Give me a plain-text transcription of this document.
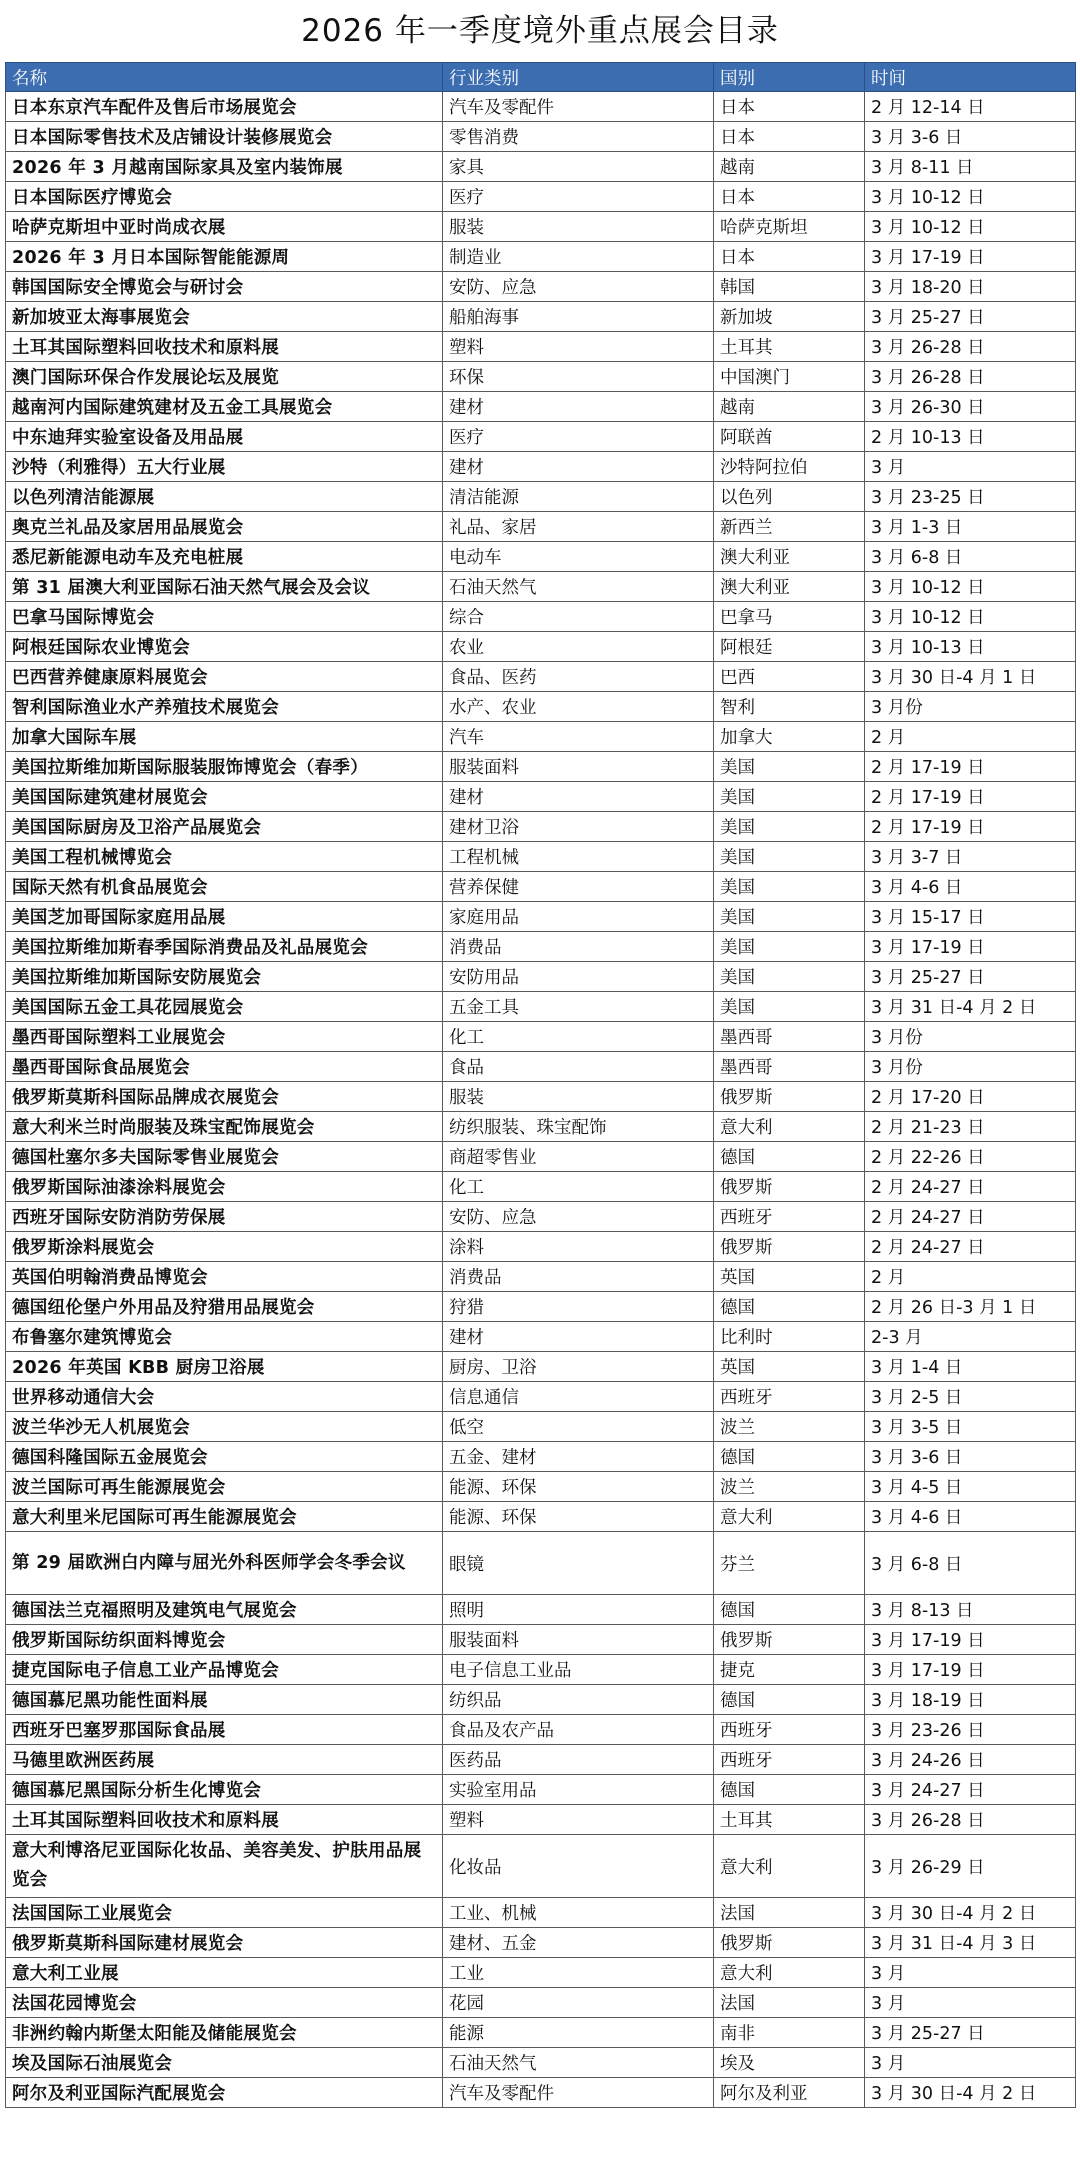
2026 年一季度境外重点展会目录
名称	行业类别	国别	时间
日本东京汽车配件及售后市场展览会	汽车及零配件	日本	2 月 12-14 日
日本国际零售技术及店铺设计装修展览会	零售消费	日本	3 月 3-6 日
2026 年 3 月越南国际家具及室内装饰展	家具	越南	3 月 8-11 日
日本国际医疗博览会	医疗	日本	3 月 10-12 日
哈萨克斯坦中亚时尚成衣展	服装	哈萨克斯坦	3 月 10-12 日
2026 年 3 月日本国际智能能源周	制造业	日本	3 月 17-19 日
韩国国际安全博览会与研讨会	安防、应急	韩国	3 月 18-20 日
新加坡亚太海事展览会	船舶海事	新加坡	3 月 25-27 日
土耳其国际塑料回收技术和原料展	塑料	土耳其	3 月 26-28 日
澳门国际环保合作发展论坛及展览	环保	中国澳门	3 月 26-28 日
越南河内国际建筑建材及五金工具展览会	建材	越南	3 月 26-30 日
中东迪拜实验室设备及用品展	医疗	阿联酋	2 月 10-13 日
沙特（利雅得）五大行业展	建材	沙特阿拉伯	3 月
以色列清洁能源展	清洁能源	以色列	3 月 23-25 日
奥克兰礼品及家居用品展览会	礼品、家居	新西兰	3 月 1-3 日
悉尼新能源电动车及充电桩展	电动车	澳大利亚	3 月 6-8 日
第 31 届澳大利亚国际石油天然气展会及会议	石油天然气	澳大利亚	3 月 10-12 日
巴拿马国际博览会	综合	巴拿马	3 月 10-12 日
阿根廷国际农业博览会	农业	阿根廷	3 月 10-13 日
巴西营养健康原料展览会	食品、医药	巴西	3 月 30 日-4 月 1 日
智利国际渔业水产养殖技术展览会	水产、农业	智利	3 月份
加拿大国际车展	汽车	加拿大	2 月
美国拉斯维加斯国际服装服饰博览会（春季）	服装面料	美国	2 月 17-19 日
美国国际建筑建材展览会	建材	美国	2 月 17-19 日
美国国际厨房及卫浴产品展览会	建材卫浴	美国	2 月 17-19 日
美国工程机械博览会	工程机械	美国	3 月 3-7 日
国际天然有机食品展览会	营养保健	美国	3 月 4-6 日
美国芝加哥国际家庭用品展	家庭用品	美国	3 月 15-17 日
美国拉斯维加斯春季国际消费品及礼品展览会	消费品	美国	3 月 17-19 日
美国拉斯维加斯国际安防展览会	安防用品	美国	3 月 25-27 日
美国国际五金工具花园展览会	五金工具	美国	3 月 31 日-4 月 2 日
墨西哥国际塑料工业展览会	化工	墨西哥	3 月份
墨西哥国际食品展览会	食品	墨西哥	3 月份
俄罗斯莫斯科国际品牌成衣展览会	服装	俄罗斯	2 月 17-20 日
意大利米兰时尚服装及珠宝配饰展览会	纺织服装、珠宝配饰	意大利	2 月 21-23 日
德国杜塞尔多夫国际零售业展览会	商超零售业	德国	2 月 22-26 日
俄罗斯国际油漆涂料展览会	化工	俄罗斯	2 月 24-27 日
西班牙国际安防消防劳保展	安防、应急	西班牙	2 月 24-27 日
俄罗斯涂料展览会	涂料	俄罗斯	2 月 24-27 日
英国伯明翰消费品博览会	消费品	英国	2 月
德国纽伦堡户外用品及狩猎用品展览会	狩猎	德国	2 月 26 日-3 月 1 日
布鲁塞尔建筑博览会	建材	比利时	2-3 月
2026 年英国 KBB 厨房卫浴展	厨房、卫浴	英国	3 月 1-4 日
世界移动通信大会	信息通信	西班牙	3 月 2-5 日
波兰华沙无人机展览会	低空	波兰	3 月 3-5 日
德国科隆国际五金展览会	五金、建材	德国	3 月 3-6 日
波兰国际可再生能源展览会	能源、环保	波兰	3 月 4-5 日
意大利里米尼国际可再生能源展览会	能源、环保	意大利	3 月 4-6 日
第 29 届欧洲白内障与屈光外科医师学会冬季会议	眼镜	芬兰	3 月 6-8 日
德国法兰克福照明及建筑电气展览会	照明	德国	3 月 8-13 日
俄罗斯国际纺织面料博览会	服装面料	俄罗斯	3 月 17-19 日
捷克国际电子信息工业产品博览会	电子信息工业品	捷克	3 月 17-19 日
德国慕尼黑功能性面料展	纺织品	德国	3 月 18-19 日
西班牙巴塞罗那国际食品展	食品及农产品	西班牙	3 月 23-26 日
马德里欧洲医药展	医药品	西班牙	3 月 24-26 日
德国慕尼黑国际分析生化博览会	实验室用品	德国	3 月 24-27 日
土耳其国际塑料回收技术和原料展	塑料	土耳其	3 月 26-28 日
意大利博洛尼亚国际化妆品、美容美发、护肤用品展览会	化妆品	意大利	3 月 26-29 日
法国国际工业展览会	工业、机械	法国	3 月 30 日-4 月 2 日
俄罗斯莫斯科国际建材展览会	建材、五金	俄罗斯	3 月 31 日-4 月 3 日
意大利工业展	工业	意大利	3 月
法国花园博览会	花园	法国	3 月
非洲约翰内斯堡太阳能及储能展览会	能源	南非	3 月 25-27 日
埃及国际石油展览会	石油天然气	埃及	3 月
阿尔及利亚国际汽配展览会	汽车及零配件	阿尔及利亚	3 月 30 日-4 月 2 日
